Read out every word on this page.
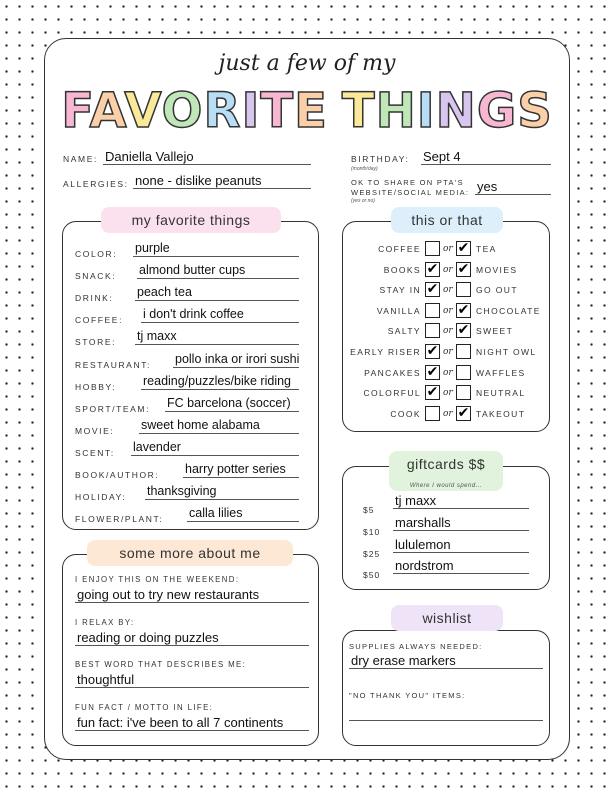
just a few of my
FAVORITE THINGS
NAME: Daniella Vallejo
ALLERGIES: none - dislike peanuts
BIRTHDAY:
(month/day)
Sept 4
OK TO SHARE ON PTA'S
WEBSITE/SOCIAL MEDIA:
(yes or no)
yes
my favorite things
COLOR: purple
SNACK: almond butter cups
DRINK: peach tea
COFFEE: i don't drink coffee
STORE: tj maxx
RESTAURANT: pollo inka or irori sushi
HOBBY: reading/puzzles/bike riding
SPORT/TEAM: FC barcelona (soccer)
MOVIE: sweet home alabama
SCENT: lavender
BOOK/AUTHOR: harry potter series
HOLIDAY: thanksgiving
FLOWER/PLANT: calla lilies
this or that
COFFEE or ✔ TEA
BOOKS ✔ or ✔ MOVIES
STAY IN ✔ or	GO OUT
VANILLA or ✔ CHOCOLATE
SALTY or ✔ SWEET
EARLY RISER ✔ or	NIGHT OWL
PANCAKES ✔ or	WAFFLES
COLORFUL ✔ or	NEUTRAL
COOK or ✔ TAKEOUT
giftcards $$
Where I would spend...
$5
tj maxx
$10
marshalls
$25
lululemon
$50
nordstrom
some more about me
I ENJOY THIS ON THE WEEKEND:
going out to try new restaurants
I RELAX BY:
reading or doing puzzles
BEST WORD THAT DESCRIBES ME:
thoughtful
FUN FACT / MOTTO IN LIFE:
fun fact: i've been to all 7 continents
wishlist
SUPPLIES ALWAYS NEEDED:
dry erase markers
"NO THANK YOU" ITEMS:
